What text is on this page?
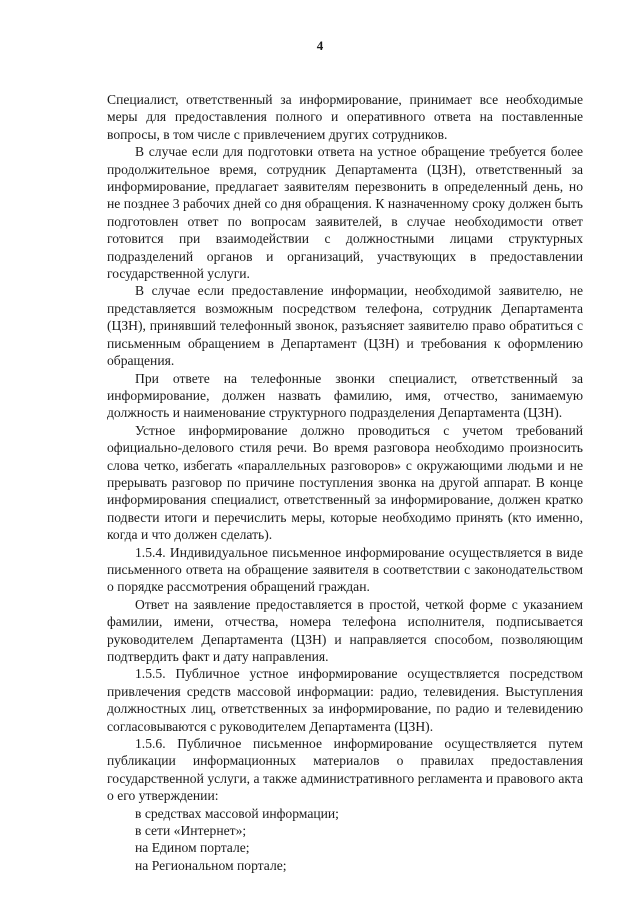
4

Специалист, ответственный за информирование, принимает все необходимые меры для предоставления полного и оперативного ответа на поставленные вопросы, в том числе с привлечением других сотрудников.

В случае если для подготовки ответа на устное обращение требуется более продолжительное время, сотрудник Департамента (ЦЗН), ответственный за информирование, предлагает заявителям перезвонить в определенный день, но не позднее 3 рабочих дней со дня обращения. К назначенному сроку должен быть подготовлен ответ по вопросам заявителей, в случае необходимости ответ готовится при взаимодействии с должностными лицами структурных подразделений органов и организаций, участвующих в предоставлении государственной услуги.

В случае если предоставление информации, необходимой заявителю, не представляется возможным посредством телефона, сотрудник Департамента (ЦЗН), принявший телефонный звонок, разъясняет заявителю право обратиться с письменным обращением в Департамент (ЦЗН) и требования к оформлению обращения.

При ответе на телефонные звонки специалист, ответственный за информирование, должен назвать фамилию, имя, отчество, занимаемую должность и наименование структурного подразделения Департамента (ЦЗН).

Устное информирование должно проводиться с учетом требований официально-делового стиля речи. Во время разговора необходимо произносить слова четко, избегать «параллельных разговоров» с окружающими людьми и не прерывать разговор по причине поступления звонка на другой аппарат. В конце информирования специалист, ответственный за информирование, должен кратко подвести итоги и перечислить меры, которые необходимо принять (кто именно, когда и что должен сделать).

1.5.4. Индивидуальное письменное информирование осуществляется в виде письменного ответа на обращение заявителя в соответствии с законодательством о порядке рассмотрения обращений граждан.

Ответ на заявление предоставляется в простой, четкой форме с указанием фамилии, имени, отчества, номера телефона исполнителя, подписывается руководителем Департамента (ЦЗН) и направляется способом, позволяющим подтвердить факт и дату направления.

1.5.5. Публичное устное информирование осуществляется посредством привлечения средств массовой информации: радио, телевидения. Выступления должностных лиц, ответственных за информирование, по радио и телевидению согласовываются с руководителем Департамента (ЦЗН).

1.5.6. Публичное письменное информирование осуществляется путем публикации информационных материалов о правилах предоставления государственной услуги, а также административного регламента и правового акта о его утверждении:

в средствах массовой информации;

в сети «Интернет»;

на Едином портале;

на Региональном портале;
